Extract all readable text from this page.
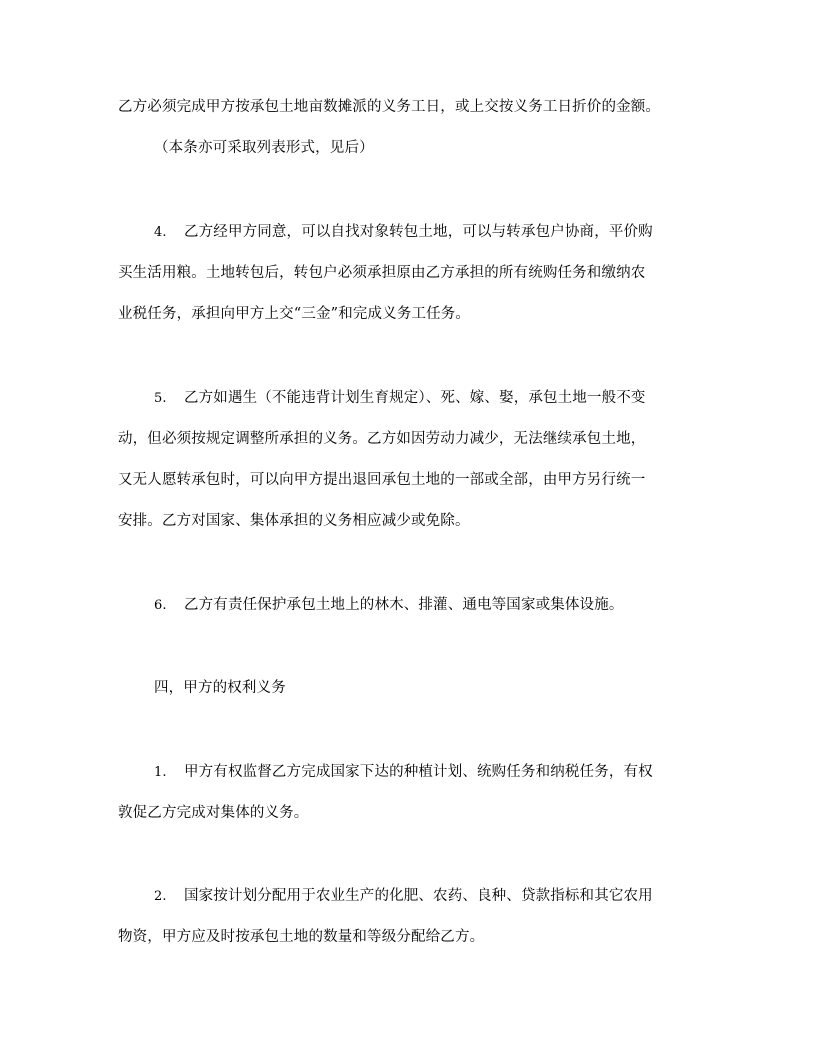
乙方必须完成甲方按承包土地亩数摊派的义务工日，或上交按义务工日折价的金额。
（本条亦可采取列表形式，见后）
4. 乙方经甲方同意，可以自找对象转包土地，可以与转承包户协商，平价购
买生活用粮。土地转包后，转包户必须承担原由乙方承担的所有统购任务和缴纳农
业税任务，承担向甲方上交“三金”和完成义务工任务。
5. 乙方如遇生（不能违背计划生育规定）、死、嫁、娶，承包土地一般不变
动，但必须按规定调整所承担的义务。乙方如因劳动力减少，无法继续承包土地，
又无人愿转承包时，可以向甲方提出退回承包土地的一部或全部，由甲方另行统一
安排。乙方对国家、集体承担的义务相应减少或免除。
6. 乙方有责任保护承包土地上的林木、排灌、通电等国家或集体设施。
四，甲方的权利义务
1. 甲方有权监督乙方完成国家下达的种植计划、统购任务和纳税任务，有权
敦促乙方完成对集体的义务。
2. 国家按计划分配用于农业生产的化肥、农药、良种、贷款指标和其它农用
物资，甲方应及时按承包土地的数量和等级分配给乙方。
